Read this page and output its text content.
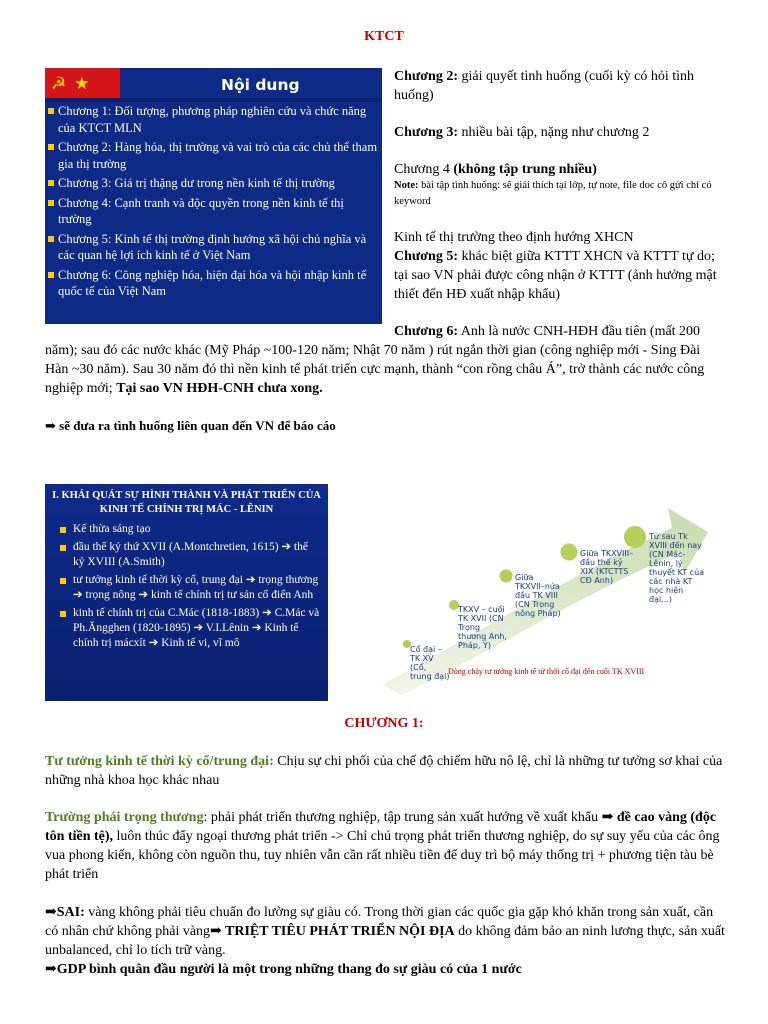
KTCT
☭ ★	Nội dung
Chương 1: Đối tượng, phương pháp nghiên cứu và chức năng của KTCT MLN
Chương 2: Hàng hóa, thị trường và vai trò của các chủ thể tham gia thị trường
Chương 3: Giá trị thặng dư trong nền kinh tế thị trường
Chương 4: Cạnh tranh và độc quyền trong nền kinh tế thị trường
Chương 5: Kinh tế thị trường định hướng xã hội chủ nghĩa và các quan hệ lợi ích kinh tế ở Việt Nam
Chương 6: Công nghiệp hóa, hiện đại hóa và hội nhập kinh tế quốc tế của Việt Nam
Chương 2: giải quyết tình huống (cuối kỳ có hỏi tình huống)
Chương 3: nhiều bài tập, nặng như chương 2
Chương 4 (không tập trung nhiều)
Note: bài tập tình huống: sẽ giải thích tại lớp, tự note, file doc cô gửi chỉ có keyword
Kinh tế thị trường theo định hướng XHCN
Chương 5: khác biệt giữa KTTT XHCN và KTTT tự do; tại sao VN phải được công nhận ở KTTT (ảnh hưởng mật thiết đến HĐ xuất nhập khẩu)
Chương 6: Anh là nước CNH-HĐH đầu tiên (mất 200 năm); sau đó các nước khác (Mỹ Pháp ~100-120 năm; Nhật 70 năm ) rút ngắn thời gian (công nghiệp mới - Sing Đài Hàn ~30 năm). Sau 30 năm đó thì nền kinh tế phát triển cực mạnh, thành “con rồng châu Á”, trở thành các nước công nghiệp mới; Tại sao VN HĐH-CNH chưa xong.
➡ sẽ đưa ra tình huống liên quan đến VN để báo cáo
I. KHÁI QUÁT SỰ HÌNH THÀNH VÀ PHÁT TRIỂN CỦA KINH TẾ CHÍNH TRỊ MÁC - LÊNIN
Kế thừa sáng tạo
đầu thế kỷ thứ XVII (A.Montchretien, 1615) ➔ thế kỷ XVIII (A.Smith)
tư tưởng kinh tế thời kỳ cổ, trung đại ➔ trọng thương ➔ trọng nông ➔ kinh tế chính trị tư sản cổ điển Anh
kinh tế chính trị của C.Mác (1818-1883) ➔ C.Mác và Ph.Ăngghen (1820-1895) ➔ V.I.Lênin ➔ Kinh tế chính trị mácxít ➔ Kinh tế vi, vĩ mô
Cổ đại – TK XV (Cổ, trung đại)
TKXV – cuối TK XVII (CN Trọng thương Anh, Pháp, Ý)
Giữa TKXVII–nửa đầu TK VIII (CN Trọng nông Pháp)
Giữa TKXVIII– đầu thế kỷ XIX (KTCTTS CĐ Anh)
Từ sau Tk XVIII đến nay (CN Mác- Lênin, lý thuyết KT của các nhà KT học hiện đại...)
Dòng chảy tư tưởng kinh tế từ thời cổ đại đến cuối TK XVIII
CHƯƠNG 1:
Tư tưởng kinh tế thời kỳ cổ/trung đại: Chịu sự chi phối của chế độ chiếm hữu nô lệ, chỉ là những tư tưởng sơ khai của những nhà khoa học khác nhau
Trường phái trọng thương: phải phát triển thương nghiệp, tập trung sản xuất hướng về xuất khẩu ➡ đề cao vàng (độc tôn tiền tệ), luôn thúc đẩy ngoại thương phát triển -> Chỉ chú trọng phát triển thương nghiệp, do sự suy yếu của các ông vua phong kiến, không còn nguồn thu, tuy nhiên vẫn cần rất nhiều tiền để duy trì bộ máy thống trị + phương tiện tàu bè phát triển
➡SAI: vàng không phải tiêu chuẩn đo lường sự giàu có. Trong thời gian các quốc gia gặp khó khăn trong sản xuất, cần có nhân chứ không phải vàng➡ TRIỆT TIÊU PHÁT TRIỂN NỘI ĐỊA do không đảm bảo an ninh lương thực, sản xuất unbalanced, chỉ lo tích trữ vàng.
➡GDP bình quân đầu người là một trong những thang đo sự giàu có của 1 nước
